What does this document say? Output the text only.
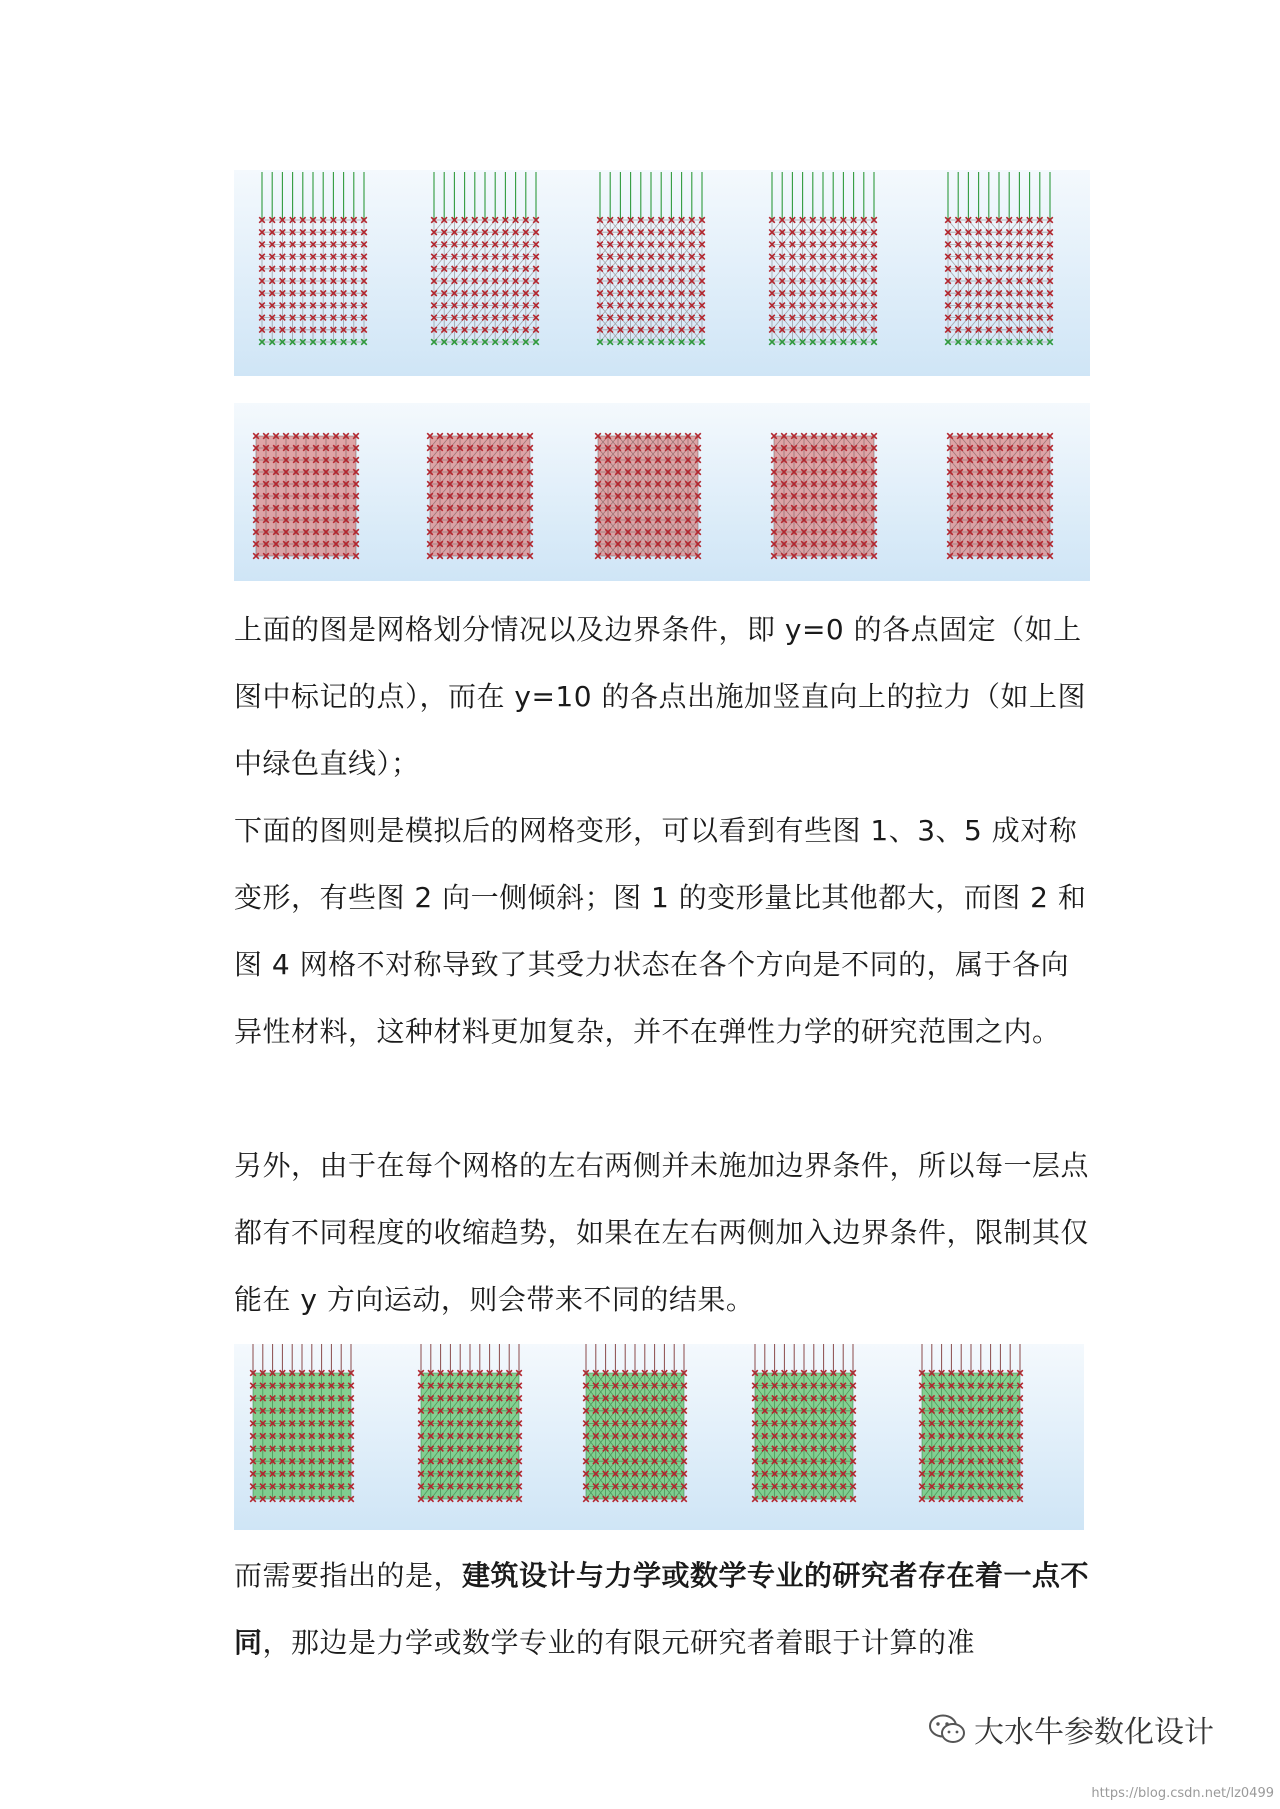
上面的图是网格划分情况以及边界条件，即 y=0 的各点固定（如上图中标记的点），而在 y=10 的各点出施加竖直向上的拉力（如上图中绿色直线）；
下面的图则是模拟后的网格变形，可以看到有些图 1、3、5 成对称变形，有些图 2 向一侧倾斜；图 1 的变形量比其他都大，而图 2 和图 4 网格不对称导致了其受力状态在各个方向是不同的，属于各向异性材料，这种材料更加复杂，并不在弹性力学的研究范围之内。
另外，由于在每个网格的左右两侧并未施加边界条件，所以每一层点都有不同程度的收缩趋势，如果在左右两侧加入边界条件，限制其仅能在 y 方向运动，则会带来不同的结果。
而需要指出的是，建筑设计与力学或数学专业的研究者存在着一点不同，那边是力学或数学专业的有限元研究者着眼于计算的准
大水牛参数化设计
https://blog.csdn.net/lz0499
